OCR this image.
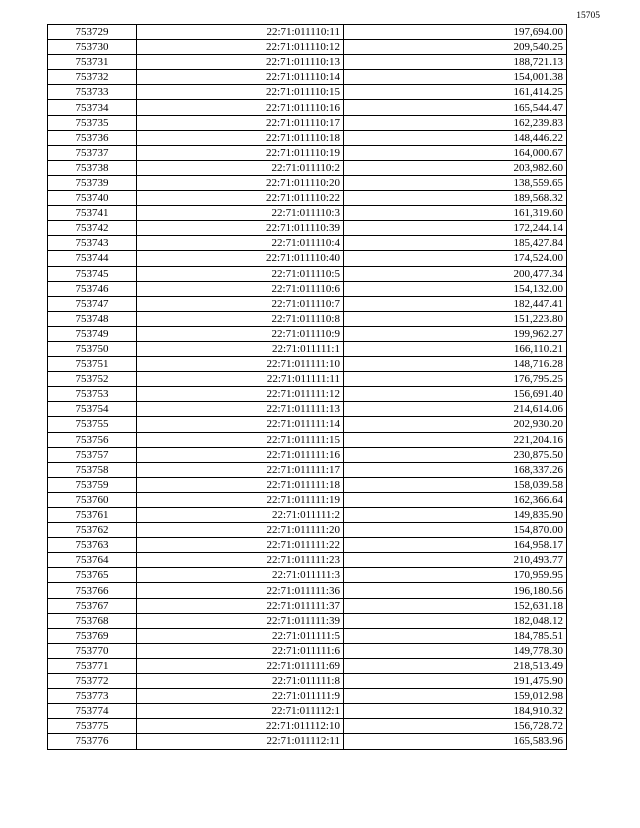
15705
753729	22:71:011110:11	197,694.00
753730	22:71:011110:12	209,540.25
753731	22:71:011110:13	188,721.13
753732	22:71:011110:14	154,001.38
753733	22:71:011110:15	161,414.25
753734	22:71:011110:16	165,544.47
753735	22:71:011110:17	162,239.83
753736	22:71:011110:18	148,446.22
753737	22:71:011110:19	164,000.67
753738	22:71:011110:2	203,982.60
753739	22:71:011110:20	138,559.65
753740	22:71:011110:22	189,568.32
753741	22:71:011110:3	161,319.60
753742	22:71:011110:39	172,244.14
753743	22:71:011110:4	185,427.84
753744	22:71:011110:40	174,524.00
753745	22:71:011110:5	200,477.34
753746	22:71:011110:6	154,132.00
753747	22:71:011110:7	182,447.41
753748	22:71:011110:8	151,223.80
753749	22:71:011110:9	199,962.27
753750	22:71:011111:1	166,110.21
753751	22:71:011111:10	148,716.28
753752	22:71:011111:11	176,795.25
753753	22:71:011111:12	156,691.40
753754	22:71:011111:13	214,614.06
753755	22:71:011111:14	202,930.20
753756	22:71:011111:15	221,204.16
753757	22:71:011111:16	230,875.50
753758	22:71:011111:17	168,337.26
753759	22:71:011111:18	158,039.58
753760	22:71:011111:19	162,366.64
753761	22:71:011111:2	149,835.90
753762	22:71:011111:20	154,870.00
753763	22:71:011111:22	164,958.17
753764	22:71:011111:23	210,493.77
753765	22:71:011111:3	170,959.95
753766	22:71:011111:36	196,180.56
753767	22:71:011111:37	152,631.18
753768	22:71:011111:39	182,048.12
753769	22:71:011111:5	184,785.51
753770	22:71:011111:6	149,778.30
753771	22:71:011111:69	218,513.49
753772	22:71:011111:8	191,475.90
753773	22:71:011111:9	159,012.98
753774	22:71:011112:1	184,910.32
753775	22:71:011112:10	156,728.72
753776	22:71:011112:11	165,583.96
